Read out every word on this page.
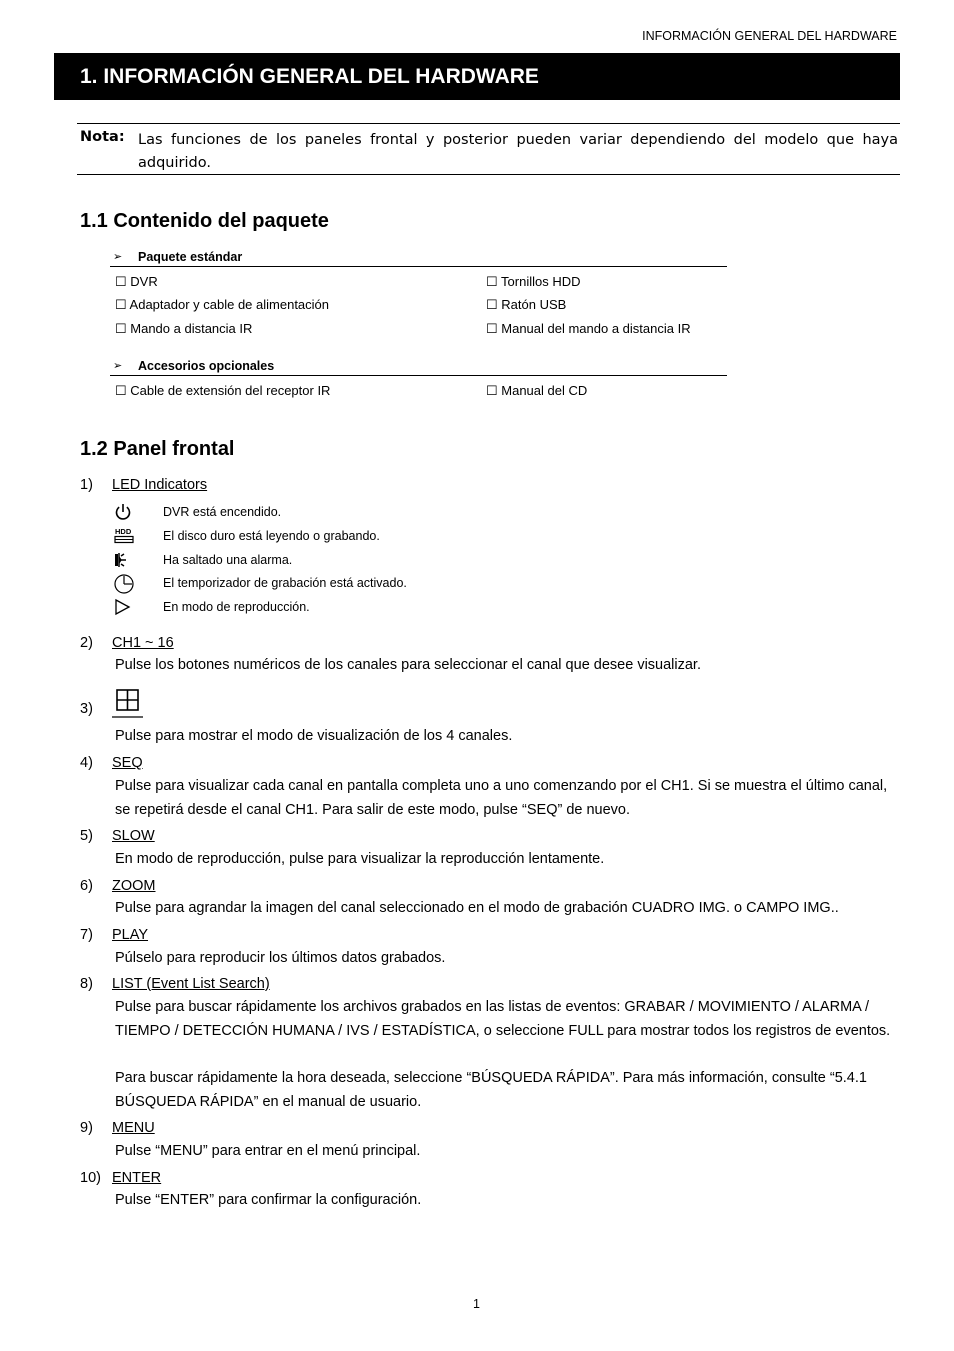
INFORMACIÓN GENERAL DEL HARDWARE
1. INFORMACIÓN GENERAL DEL HARDWARE
Nota: Las funciones de los paneles frontal y posterior pueden variar dependiendo del modelo que haya adquirido.
1.1 Contenido del paquete
➢ Paquete estándar
☐ DVR	☐ Tornillos HDD
☐ Adaptador y cable de alimentación	☐ Ratón USB
☐ Mando a distancia IR	☐ Manual del mando a distancia IR
➢ Accesorios opcionales
☐ Cable de extensión del receptor IR	☐ Manual del CD
1.2 Panel frontal
1) LED Indicators
DVR está encendido.
HDD	El disco duro está leyendo o grabando.
Ha saltado una alarma.
El temporizador de grabación está activado.
En modo de reproducción.
2) CH1 ~ 16
Pulse los botones numéricos de los canales para seleccionar el canal que desee visualizar.
3)
Pulse para mostrar el modo de visualización de los 4 canales.
4) SEQ
Pulse para visualizar cada canal en pantalla completa uno a uno comenzando por el CH1. Si se muestra el último canal, se repetirá desde el canal CH1. Para salir de este modo, pulse “SEQ” de nuevo.
5) SLOW
En modo de reproducción, pulse para visualizar la reproducción lentamente.
6) ZOOM
Pulse para agrandar la imagen del canal seleccionado en el modo de grabación CUADRO IMG. o CAMPO IMG..
7) PLAY
Púlselo para reproducir los últimos datos grabados.
8) LIST (Event List Search)
Pulse para buscar rápidamente los archivos grabados en las listas de eventos: GRABAR / MOVIMIENTO / ALARMA / TIEMPO / DETECCIÓN HUMANA / IVS / ESTADÍSTICA, o seleccione FULL para mostrar todos los registros de eventos.
Para buscar rápidamente la hora deseada, seleccione “BÚSQUEDA RÁPIDA”. Para más información, consulte “5.4.1 BÚSQUEDA RÁPIDA” en el manual de usuario.
9) MENU
Pulse “MENU” para entrar en el menú principal.
10) ENTER
Pulse “ENTER” para confirmar la configuración.
1
